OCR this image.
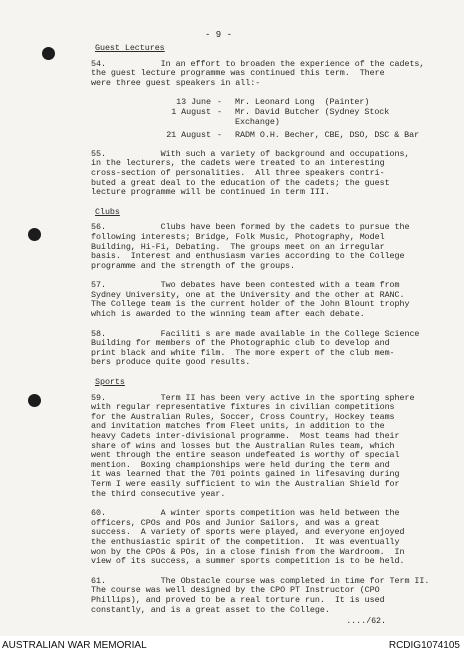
- 9 -
Guest Lectures
54.           In an effort to broaden the experience of the cadets,
the guest lecture programme was continued this term.  There
were three guest speakers in all:-
13 June -	Mr. Leonard Long  (Painter)
1 August -	Mr. David Butcher (Sydney Stock
Exchange)
21 August -	RADM O.H. Becher, CBE, DSO, DSC & Bar
55.           With such a variety of background and occupations,
in the lecturers, the cadets were treated to an interesting
cross-section of personalities.  All three speakers contri-
buted a great deal to the education of the cadets; the guest
lecture programme will be continued in term III.
Clubs
56.           Clubs have been formed by the cadets to pursue the
following interests; Bridge, Folk Music, Photography, Model
Building, Hi-Fi, Debating.  The groups meet on an irregular
basis.  Interest and enthusiasm varies according to the College
programme and the strength of the groups.
57.           Two debates have been contested with a team from
Sydney University, one at the University and the other at RANC.
The College team is the current holder of the John Blount trophy
which is awarded to the winning team after each debate.
58.           Faciliti s are made available in the College Science
Building for members of the Photographic club to develop and
print black and white film.  The more expert of the club mem-
bers produce quite good results.
Sports
59.           Term II has been very active in the sporting sphere
with regular representative fixtures in civilian competitions
for the Australian Rules, Soccer, Cross Country, Hockey teams
and invitation matches from Fleet units, in addition to the
heavy Cadets inter-divisional programme.  Most teams had their
share of wins and losses but the Australian Rules team, which
went through the entire season undefeated is worthy of special
mention.  Boxing championships were held during the term and
it was learned that the 701 points gained in lifesaving during
Term I were easily sufficient to win the Australian Shield for
the third consecutive year.
60.           A winter sports competition was held between the
officers, CPOs and POs and Junior Sailors, and was a great
success.  A variety of sports were played, and everyone enjoyed
the enthusiastic spirit of the competition.  It was eventually
won by the CPOs & POs, in a close finish from the Wardroom.  In
view of its success, a summer sports competition is to be held.
61.           The Obstacle course was completed in time for Term II.
The course was well designed by the CPO PT Instructor (CPO
Phillips), and proved to be a real torture run.  It is used
constantly, and is a great asset to the College.
..../62.
AUSTRALIAN WAR MEMORIAL	RCDIG1074105
